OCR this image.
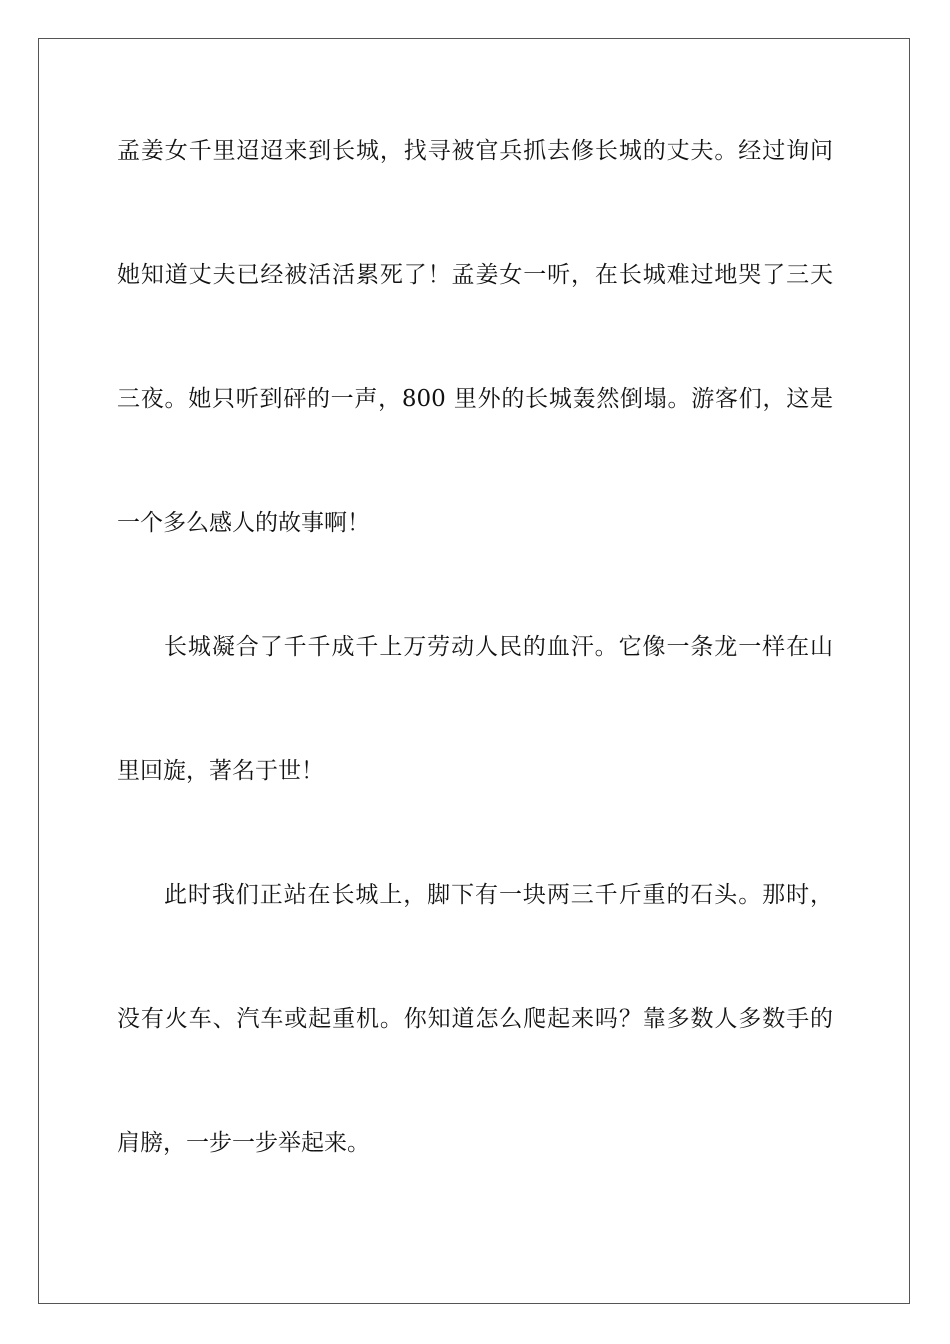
孟姜女千里迢迢来到长城，找寻被官兵抓去修长城的丈夫。经过询问
她知道丈夫已经被活活累死了！孟姜女一听，在长城难过地哭了三天
三夜。她只听到砰的一声，800 里外的长城轰然倒塌。游客们，这是
一个多么感人的故事啊！
长城凝合了千千成千上万劳动人民的血汗。它像一条龙一样在山
里回旋，著名于世！
此时我们正站在长城上，脚下有一块两三千斤重的石头。那时，
没有火车、汽车或起重机。你知道怎么爬起来吗？靠多数人多数手的
肩膀，一步一步举起来。
